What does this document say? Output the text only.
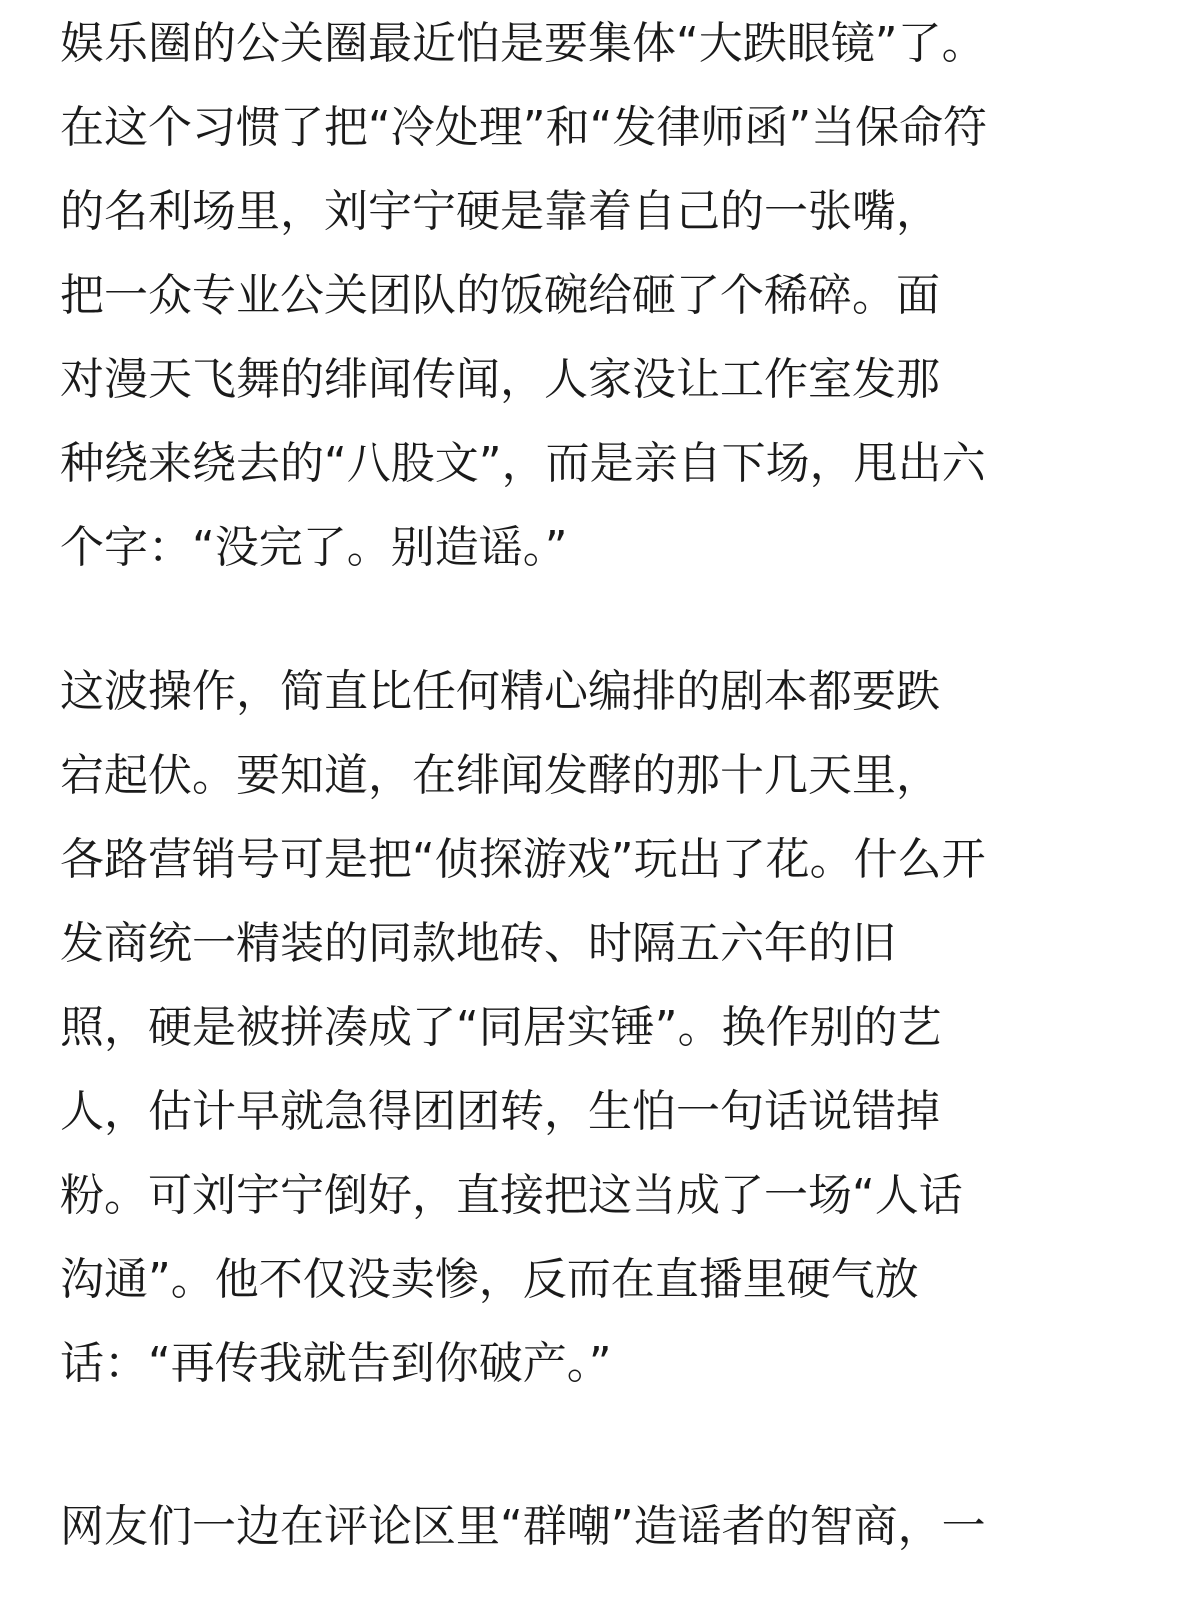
娱乐圈的公关圈最近怕是要集体“大跌眼镜”了。
在这个习惯了把“冷处理”和“发律师函”当保命符
的名利场里，刘宇宁硬是靠着自己的一张嘴，
把一众专业公关团队的饭碗给砸了个稀碎。面
对漫天飞舞的绯闻传闻，人家没让工作室发那
种绕来绕去的“八股文”，而是亲自下场，甩出六
个字：“没完了。别造谣。”
这波操作，简直比任何精心编排的剧本都要跌
宕起伏。要知道，在绯闻发酵的那十几天里，
各路营销号可是把“侦探游戏”玩出了花。什么开
发商统一精装的同款地砖、时隔五六年的旧
照，硬是被拼凑成了“同居实锤”。换作别的艺
人，估计早就急得团团转，生怕一句话说错掉
粉。可刘宇宁倒好，直接把这当成了一场“人话
沟通”。他不仅没卖惨，反而在直播里硬气放
话：“再传我就告到你破产。”
网友们一边在评论区里“群嘲”造谣者的智商，一
